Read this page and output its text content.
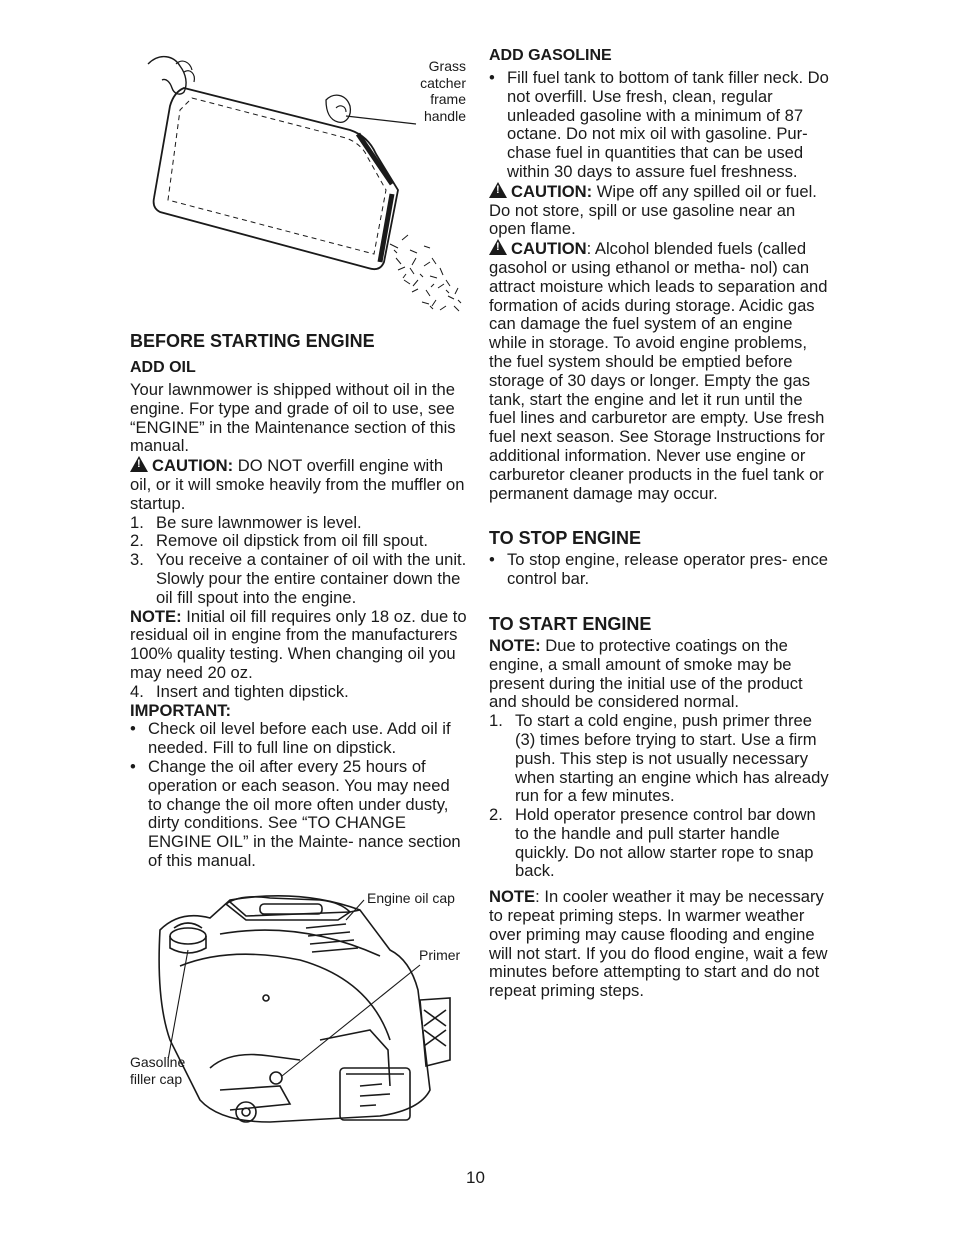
Grass
catcher
frame
handle
BEFORE STARTING ENGINE
ADD OIL

Your lawnmower is shipped without oil in the engine. For type and grade of oil to use, see “ENGINE” in the Maintenance section of this manual.

!CAUTION: DO NOT overfill engine with oil, or it will smoke heavily from the muffler on startup.

1. Be sure lawnmower is level.
2. Remove oil dipstick from oil fill spout.
3. You receive a container of oil with the unit. Slowly pour the entire container down the oil fill spout into the engine.

NOTE: Initial oil fill requires only 18 oz. due to residual oil in engine from the manufacturers 100% quality testing. When changing oil you may need 20 oz.

4. Insert and tighten dipstick.

IMPORTANT:

• Check oil level before each use. Add oil if needed. Fill to full line on dipstick.
• Change the oil after every 25 hours of operation or each season. You may need to change the oil more often under dusty, dirty conditions. See “TO CHANGE ENGINE OIL” in the Mainte- nance section of this manual.
Engine oil cap
Primer
Gasoline
filler cap
ADD GASOLINE
• Fill fuel tank to bottom of tank filler neck. Do not overfill. Use fresh, clean, regular unleaded gasoline with a minimum of 87 octane. Do not mix oil with gasoline. Pur- chase fuel in quantities that can be used within 30 days to assure fuel freshness.

!CAUTION: Wipe off any spilled oil or fuel. Do not store, spill or use gasoline near an open flame.

!CAUTION: Alcohol blended fuels (called gasohol or using ethanol or metha- nol) can attract moisture which leads to separation and formation of acids during storage. Acidic gas can damage the fuel system of an engine while in storage. To avoid engine problems, the fuel system should be emptied before storage of 30 days or longer. Empty the gas tank, start the engine and let it run until the fuel lines and carburetor are empty. Use fresh fuel next season. See Storage Instructions for additional information. Never use engine or carburetor cleaner products in the fuel tank or permanent damage may occur.

TO STOP ENGINE
• To stop engine, release operator pres- ence control bar.
TO START ENGINE

NOTE: Due to protective coatings on the engine, a small amount of smoke may be present during the initial use of the product and should be considered normal.

1. To start a cold engine, push primer three (3) times before trying to start. Use a firm push. This step is not usually necessary when starting an engine which has already run for a few minutes.
2. Hold operator presence control bar down to the handle and pull starter handle quickly. Do not allow starter rope to snap back.

NOTE: In cooler weather it may be necessary to repeat priming steps. In warmer weather over priming may cause flooding and engine will not start. If you do flood engine, wait a few minutes before attempting to start and do not repeat priming steps.

10
